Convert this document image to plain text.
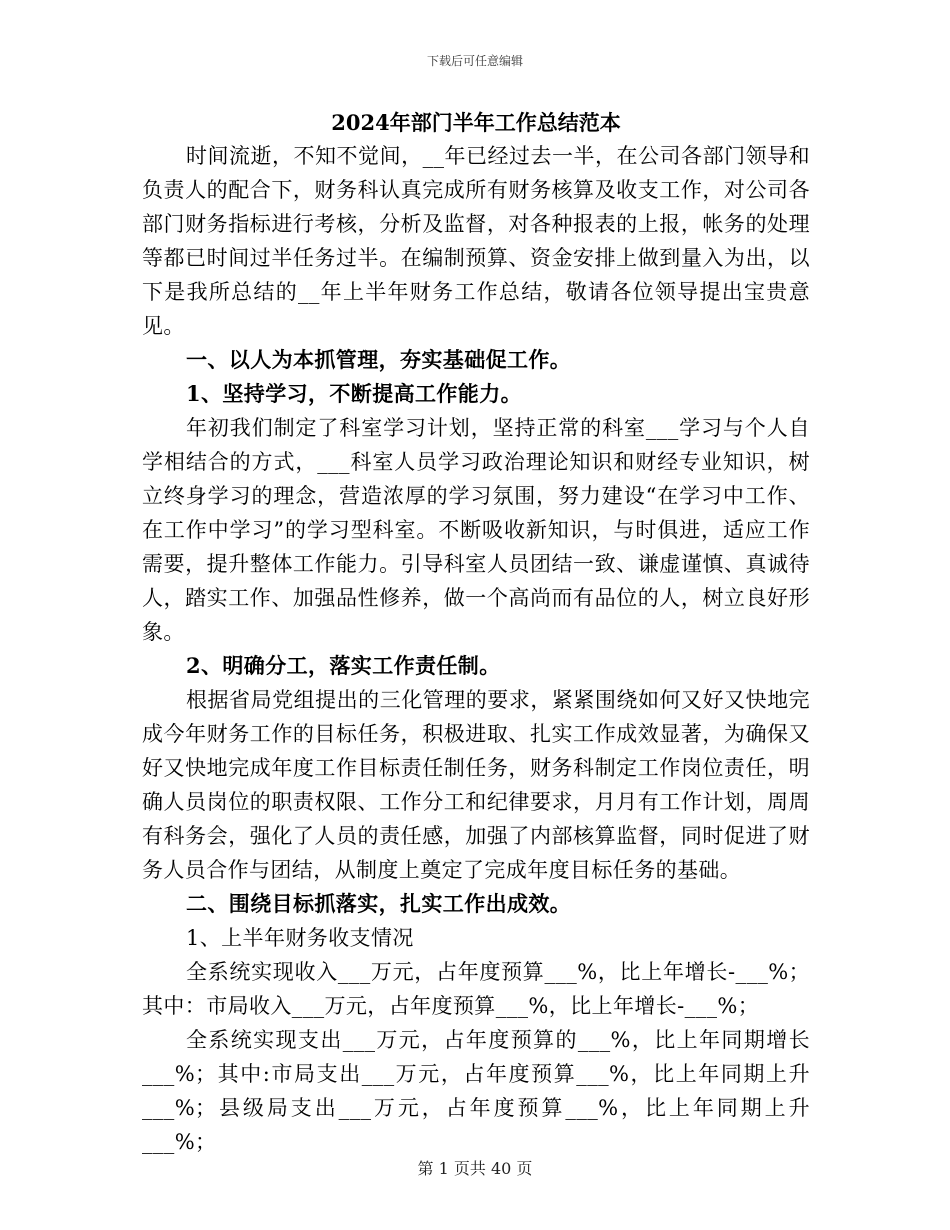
下载后可任意编辑
2024年部门半年工作总结范本

时间流逝，不知不觉间，__年已经过去一半，在公司各部门领导和负责人的配合下，财务科认真完成所有财务核算及收支工作，对公司各部门财务指标进行考核，分析及监督，对各种报表的上报，帐务的处理等都已时间过半任务过半。在编制预算、资金安排上做到量入为出，以下是我所总结的__年上半年财务工作总结，敬请各位领导提出宝贵意见。

一、以人为本抓管理，夯实基础促工作。

1、坚持学习，不断提高工作能力。

年初我们制定了科室学习计划，坚持正常的科室___学习与个人自学相结合的方式，___科室人员学习政治理论知识和财经专业知识，树立终身学习的理念，营造浓厚的学习氛围，努力建设“在学习中工作、在工作中学习”的学习型科室。不断吸收新知识，与时俱进，适应工作需要，提升整体工作能力。引导科室人员团结一致、谦虚谨慎、真诚待人，踏实工作、加强品性修养，做一个高尚而有品位的人，树立良好形象。

2、明确分工，落实工作责任制。

根据省局党组提出的三化管理的要求，紧紧围绕如何又好又快地完成今年财务工作的目标任务，积极进取、扎实工作成效显著，为确保又好又快地完成年度工作目标责任制任务，财务科制定工作岗位责任，明确人员岗位的职责权限、工作分工和纪律要求，月月有工作计划，周周有科务会，强化了人员的责任感，加强了内部核算监督，同时促进了财务人员合作与团结，从制度上奠定了完成年度目标任务的基础。

二、围绕目标抓落实，扎实工作出成效。

1、上半年财务收支情况

全系统实现收入___万元，占年度预算___%，比上年增长-___%；其中：市局收入___万元，占年度预算___%，比上年增长-___%；

全系统实现支出___万元，占年度预算的___%，比上年同期增长___%；其中:市局支出___万元，占年度预算___%，比上年同期上升___%；县级局支出___万元，占年度预算___%，比上年同期上升___%；

第 1 页共 40 页
